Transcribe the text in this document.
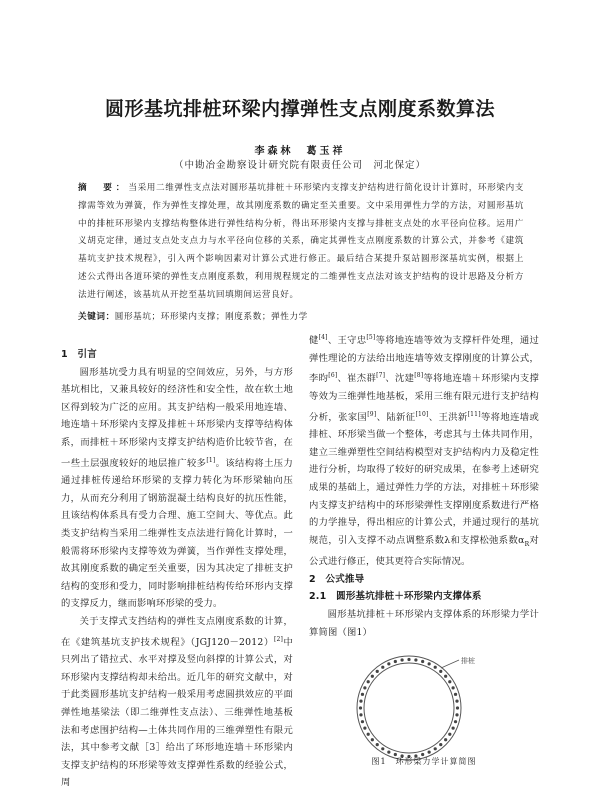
圆形基坑排桩环梁内撑弹性支点刚度系数算法
李森林　葛玉祥
（中勘冶金勘察设计研究院有限责任公司　河北保定）
摘　要：当采用二维弹性支点法对圆形基坑排桩＋环形梁内支撑支护结构进行简化设计计算时，环形梁内支撑需等效为弹簧，作为弹性支撑处理，故其刚度系数的确定至关重要。文中采用弹性力学的方法，对圆形基坑中的排桩环形梁内支撑结构整体进行弹性结构分析，得出环形梁内支撑与排桩支点处的水平径向位移。运用广义胡克定律，通过支点处支点力与水平径向位移的关系，确定其弹性支点刚度系数的计算公式，并参考《建筑基坑支护技术规程》，引入两个影响因素对计算公式进行修正。最后结合某提升泵站圆形深基坑实例，根据上述公式得出各道环梁的弹性支点刚度系数，利用规程规定的二维弹性支点法对该支护结构的设计思路及分析方法进行阐述，该基坑从开挖至基坑回填期间运营良好。
关键词：圆形基坑；环形梁内支撑；刚度系数；弹性力学

1　引言

圆形基坑受力具有明显的空间效应，另外，与方形基坑相比，又兼具较好的经济性和安全性，故在软土地区得到较为广泛的应用。其支护结构一般采用地连墙、地连墙＋环形梁内支撑及排桩＋环形梁内支撑等结构体系，而排桩＋环形梁内支撑支护结构造价比较节省，在一些土层强度较好的地层推广较多[1]。该结构将土压力通过排桩传递给环形梁的支撑力转化为环形梁轴向压力，从而充分利用了钢筋混凝土结构良好的抗压性能，且该结构体系具有受力合理、施工空间大、等优点。此类支护结构当采用二维弹性支点法进行简化计算时，一般需将环形梁内支撑等效为弹簧，当作弹性支撑处理，故其刚度系数的确定至关重要，因为其决定了排桩支护结构的变形和受力，同时影响排桩结构传给环形内支撑的支撑反力，继而影响环形梁的受力。

关于支撑式支挡结构的弹性支点刚度系数的计算，在《建筑基坑支护技术规程》（JGJ120－2012）[2]中只列出了错拉式、水平对撑及竖向斜撑的计算公式，对环形梁内支撑结构却未给出。近几年的研究文献中，对于此类圆形基坑支护结构一般采用考虑圆拱效应的平面弹性地基梁法（即二维弹性支点法）、三维弹性地基板法和考虑围护结构—土体共同作用的三维弹塑性有限元法，其中参考文献［3］给出了环形地连墙＋环形梁内支撑支护结构的环形梁等效支撑弹性系数的经验公式，周

健[4]、王守忠[5]等将地连墙等效为支撑杆件处理，通过弹性理论的方法给出地连墙等效支撑刚度的计算公式，李昀[6]、崔杰群[7]、沈建[8]等将地连墙＋环形梁内支撑等效为三维弹性地基板，采用三维有限元进行支护结构分析，张家国[9]、陆新征[10]、王洪新[11]等将地连墙或排桩、环形梁当做一个整体，考虑其与土体共同作用，建立三维弹塑性空间结构模型对支护结构内力及稳定性进行分析，均取得了较好的研究成果，在参考上述研究成果的基础上，通过弹性力学的方法，对排桩＋环形梁内支撑支护结构中的环形梁弹性支撑刚度系数进行严格的力学推导，得出相应的计算公式，并通过现行的基坑规范，引入支撑不动点调整系数λ和支撑松弛系数$\alpha_R$对公式进行修正，使其更符合实际情况。

2　公式推导

2.1　圆形基坑排桩＋环形梁内支撑体系

圆形基坑排桩＋环形梁内支撑体系的环形梁力学计算简图（图1）

排桩
图1　环形梁力学计算简图
